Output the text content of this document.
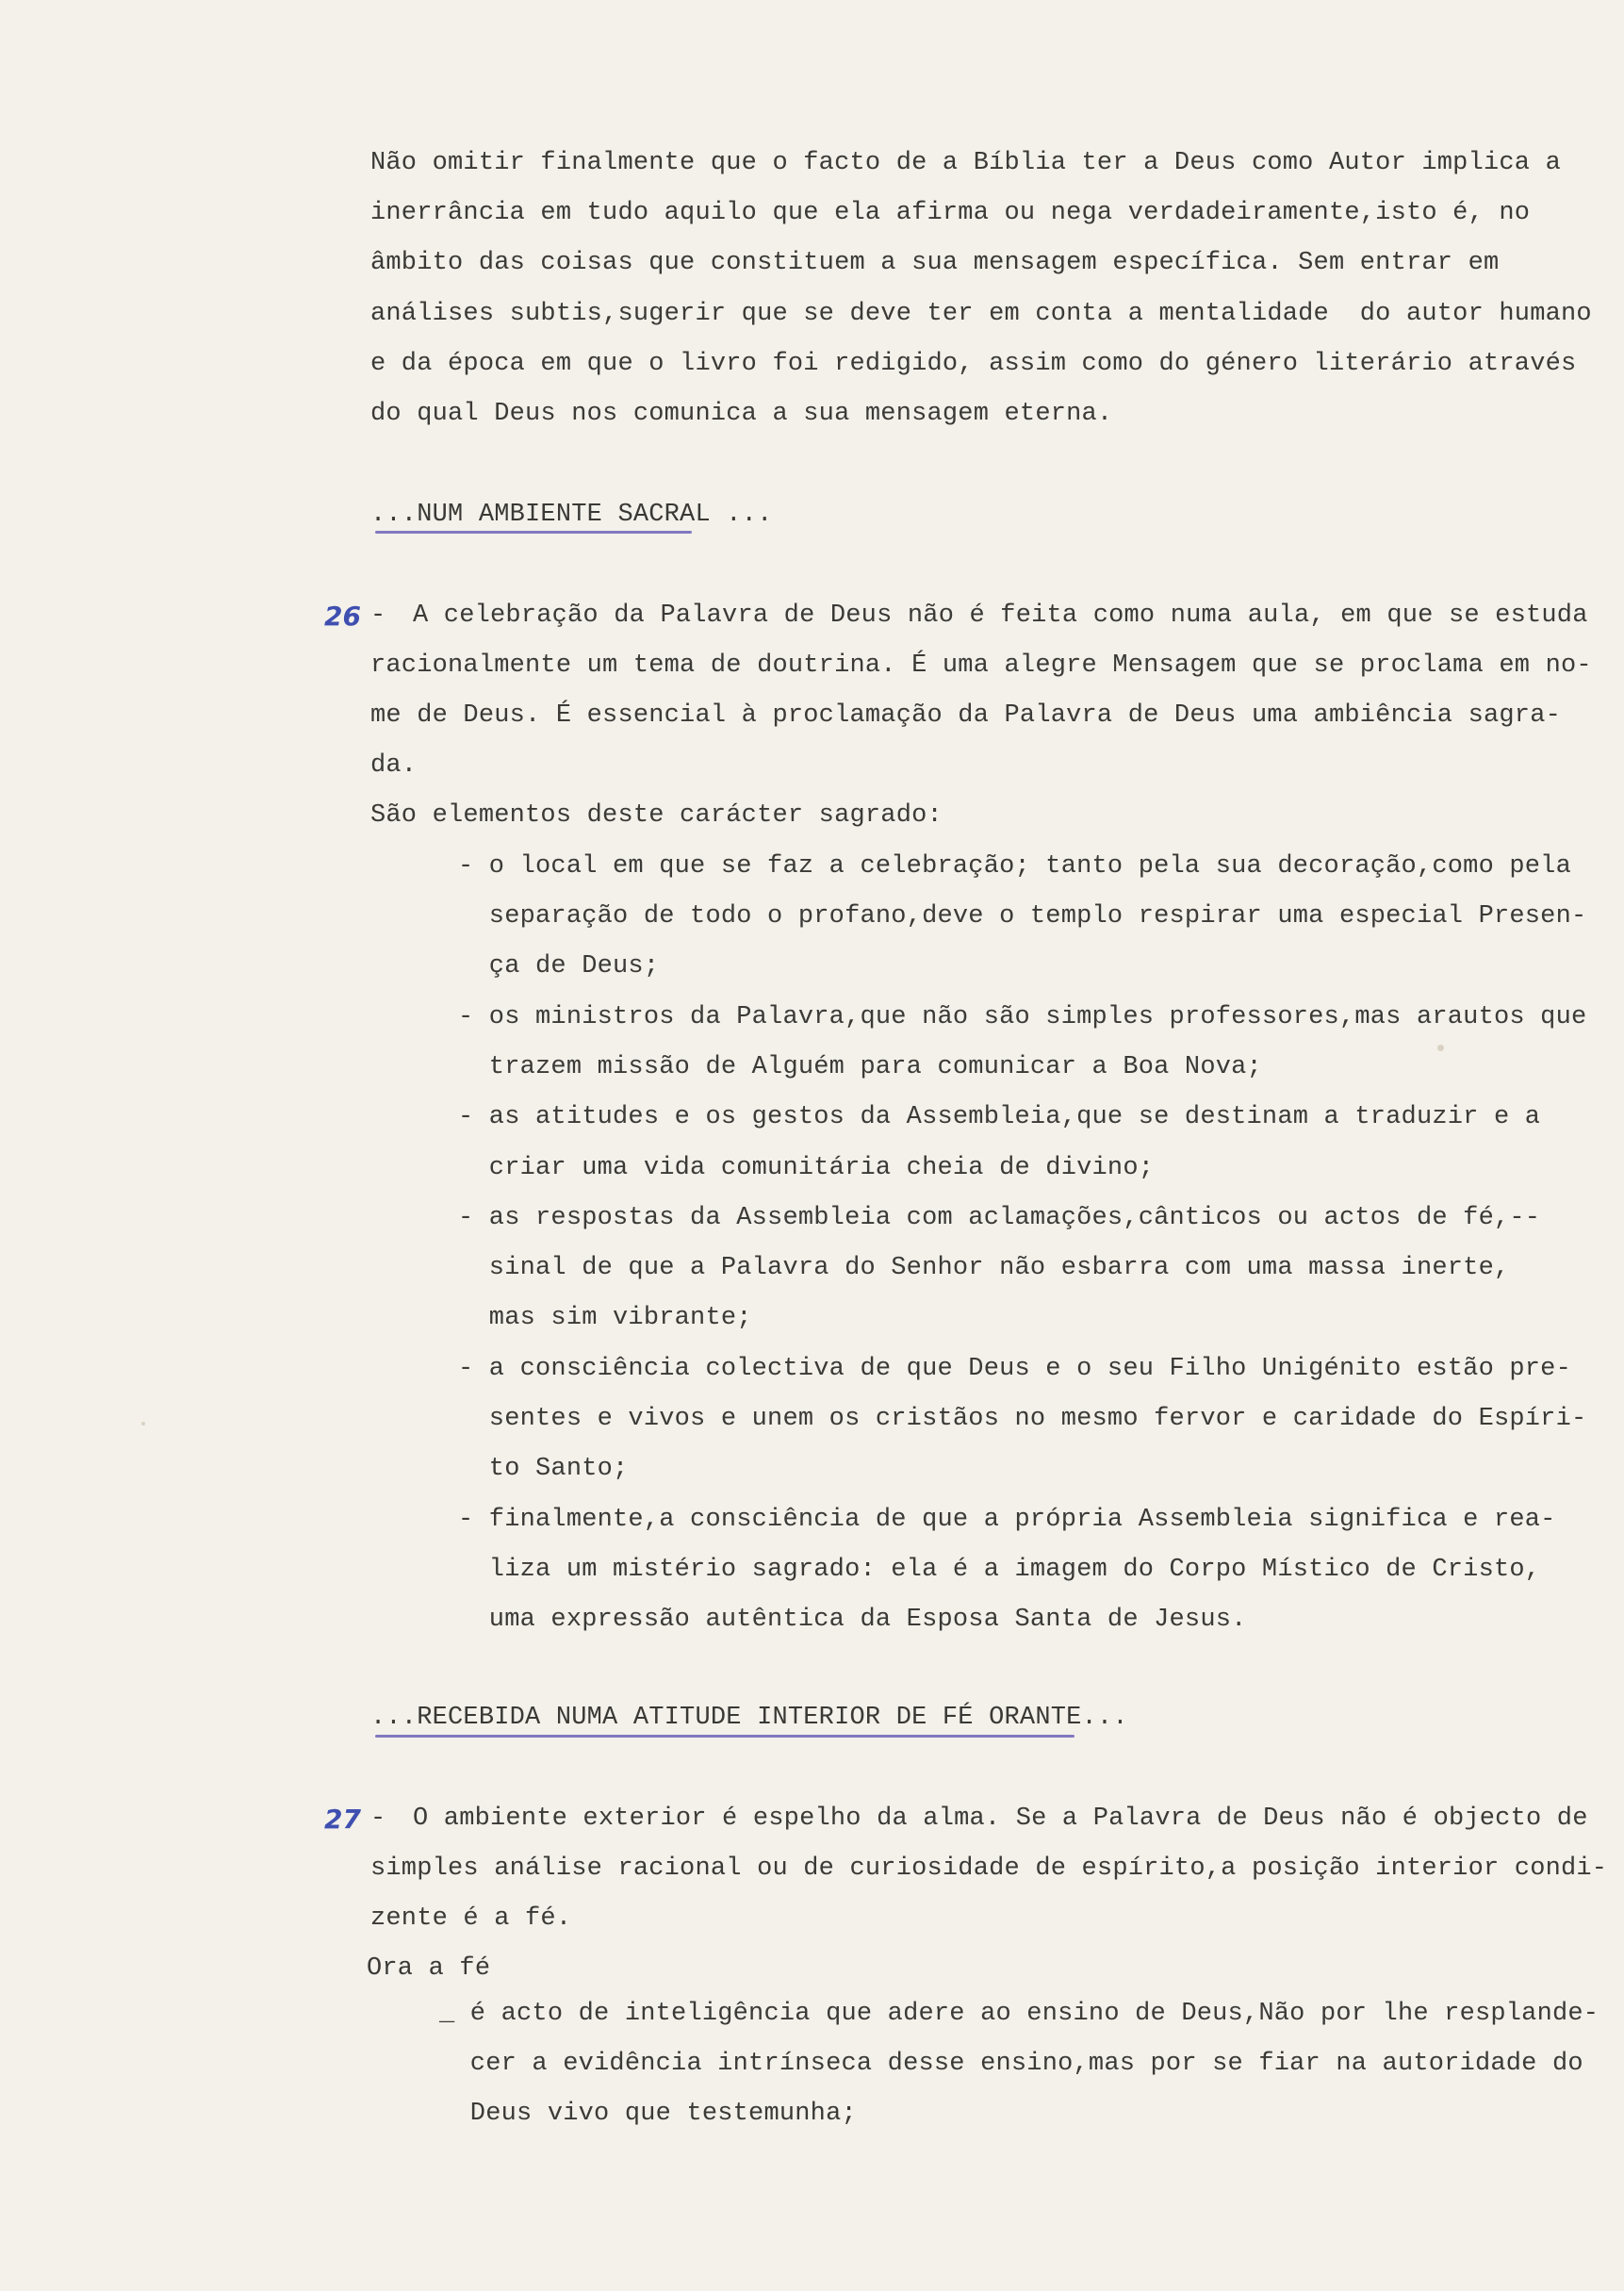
Não omitir finalmente que o facto de a Bíblia ter a Deus como Autor implica a
inerrância em tudo aquilo que ela afirma ou nega verdadeiramente,isto é, no
âmbito das coisas que constituem a sua mensagem específica. Sem entrar em
análises subtis,sugerir que se deve ter em conta a mentalidade  do autor humano
e da época em que o livro foi redigido, assim como do género literário através
do qual Deus nos comunica a sua mensagem eterna.
...NUM AMBIENTE SACRAL ...
26 - A celebração da Palavra de Deus não é feita como numa aula, em que se estuda
racionalmente um tema de doutrina. É uma alegre Mensagem que se proclama em no-
me de Deus. É essencial à proclamação da Palavra de Deus uma ambiência sagra-
da.
São elementos deste carácter sagrado:
- o local em que se faz a celebração; tanto pela sua decoração,como pela
separação de todo o profano,deve o templo respirar uma especial Presen-
ça de Deus;
- os ministros da Palavra,que não são simples professores,mas arautos que
trazem missão de Alguém para comunicar a Boa Nova;
- as atitudes e os gestos da Assembleia,que se destinam a traduzir e a
criar uma vida comunitária cheia de divino;
- as respostas da Assembleia com aclamações,cânticos ou actos de fé,--
sinal de que a Palavra do Senhor não esbarra com uma massa inerte,
mas sim vibrante;
- a consciência colectiva de que Deus e o seu Filho Unigénito estão pre-
sentes e vivos e unem os cristãos no mesmo fervor e caridade do Espíri-
to Santo;
- finalmente,a consciência de que a própria Assembleia significa e rea-
liza um mistério sagrado: ela é a imagem do Corpo Místico de Cristo,
uma expressão autêntica da Esposa Santa de Jesus.
...RECEBIDA NUMA ATITUDE INTERIOR DE FÉ ORANTE...
27 - O ambiente exterior é espelho da alma. Se a Palavra de Deus não é objecto de
simples análise racional ou de curiosidade de espírito,a posição interior condi-
zente é a fé.
Ora a fé
_ é acto de inteligência que adere ao ensino de Deus,Não por lhe resplande-
cer a evidência intrínseca desse ensino,mas por se fiar na autoridade do
Deus vivo que testemunha;
